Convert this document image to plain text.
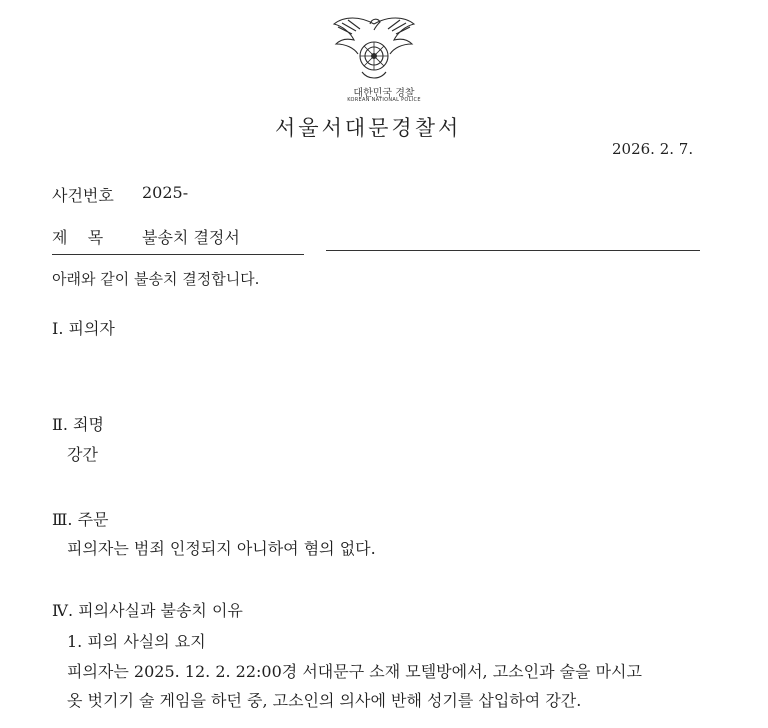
대한민국 경찰
KOREAN NATIONAL POLICE
서울서대문경찰서
2026. 2. 7.
사건번호 2025-
제    목 불송치 결정서
아래와 같이 불송치 결정합니다.
Ⅰ. 피의자
Ⅱ. 죄명
강간
Ⅲ. 주문
피의자는 범죄 인정되지 아니하여 혐의 없다.
Ⅳ. 피의사실과 불송치 이유
1. 피의 사실의 요지
피의자는 2025. 12. 2. 22:00경 서대문구 소재 모텔방에서, 고소인과 술을 마시고
옷 벗기기 술 게임을 하던 중, 고소인의 의사에 반해 성기를 삽입하여 강간.
